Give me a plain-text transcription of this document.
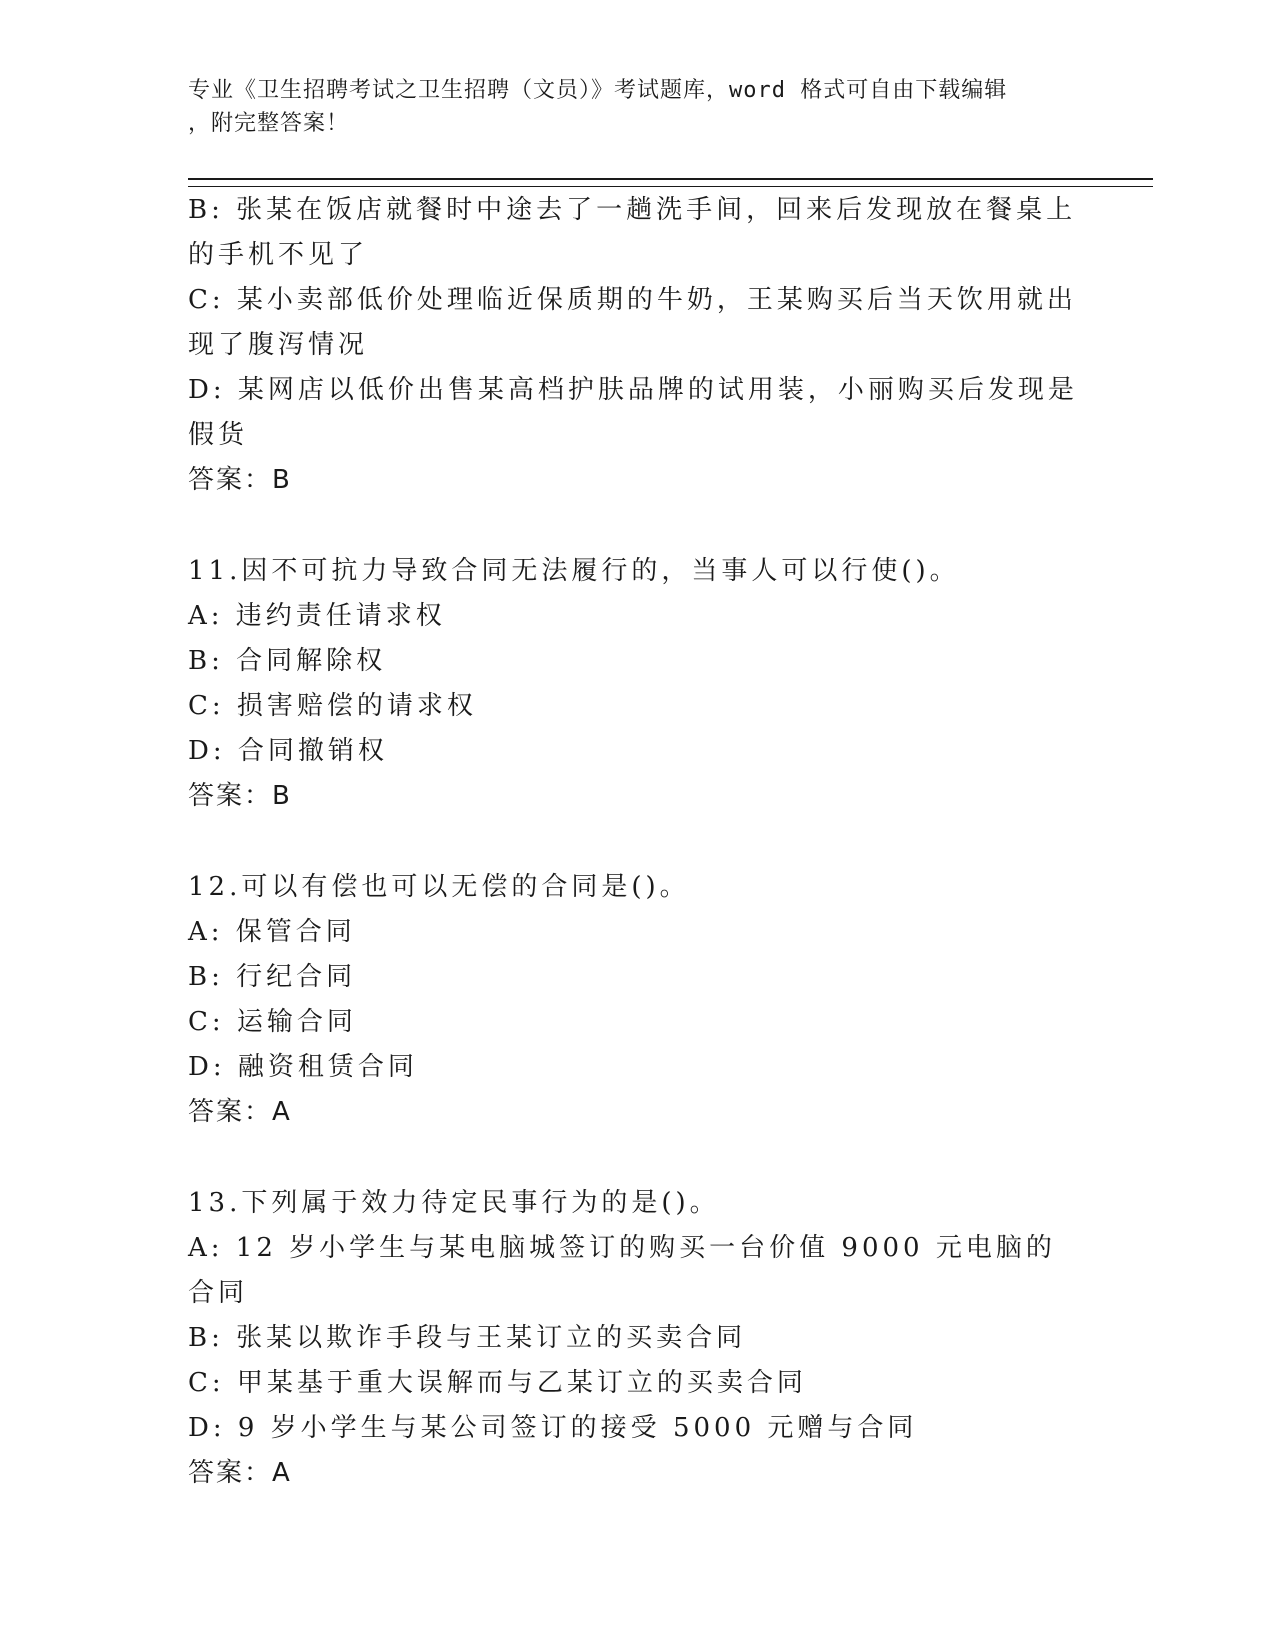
专业《卫生招聘考试之卫生招聘（文员）》考试题库，word 格式可自由下载编辑
，附完整答案！
B: 张某在饭店就餐时中途去了一趟洗手间，回来后发现放在餐桌上的手机不见了
C: 某小卖部低价处理临近保质期的牛奶，王某购买后当天饮用就出现了腹泻情况
D: 某网店以低价出售某高档护肤品牌的试用装，小丽购买后发现是假货
答案：B
11.因不可抗力导致合同无法履行的，当事人可以行使()。
A: 违约责任请求权
B: 合同解除权
C: 损害赔偿的请求权
D: 合同撤销权
答案：B
12.可以有偿也可以无偿的合同是()。
A: 保管合同
B: 行纪合同
C: 运输合同
D: 融资租赁合同
答案：A
13.下列属于效力待定民事行为的是()。
A: 12 岁小学生与某电脑城签订的购买一台价值 9000 元电脑的合同
B: 张某以欺诈手段与王某订立的买卖合同
C: 甲某基于重大误解而与乙某订立的买卖合同
D: 9 岁小学生与某公司签订的接受 5000 元赠与合同
答案：A
